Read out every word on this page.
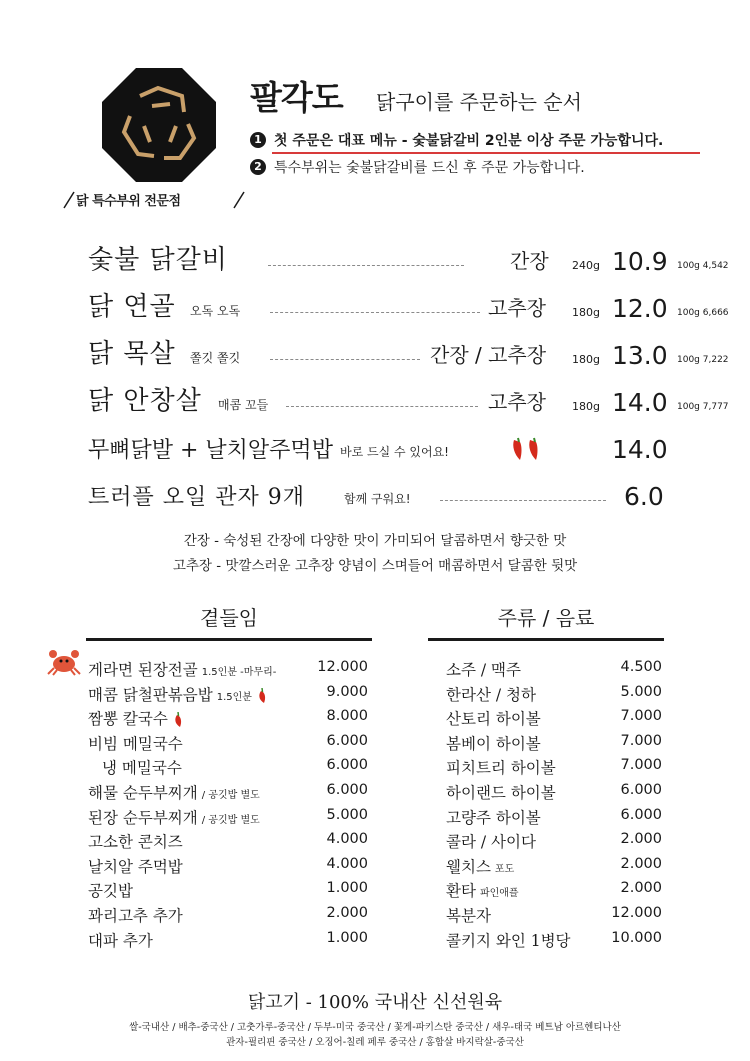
닭 특수부위 전문점
팔각도 닭구이를 주문하는 순서
1 첫 주문은 대표 메뉴 - 숯불닭갈비 2인분 이상 주문 가능합니다.
2 특수부위는 숯불닭갈비를 드신 후 주문 가능합니다.
숯불 닭갈비	간장 240g 10.9 100g 4,542
닭 연골 오독 오독	고추장 180g 12.0 100g 6,666
닭 목살 쫄깃 쫄깃	간장 / 고추장 180g 13.0 100g 7,222
닭 안창살 매콤 꼬들	고추장 180g 14.0 100g 7,777
무뼈닭발 + 날치알주먹밥 바로 드실 수 있어요!	14.0
트러플 오일 관자 9개	함께 구워요!	6.0
간장 - 숙성된 간장에 다양한 맛이 가미되어 달콤하면서 향긋한 맛
고추장 - 맛깔스러운 고추장 양념이 스며들어 매콤하면서 달콤한 뒷맛
곁들임
게라면 된장전골 1.5인분 -마무리-	12.000
매콤 닭철판볶음밥 1.5인분	9.000
짬뽕 칼국수	8.000
비빔 메밀국수	6.000
냉 메밀국수	6.000
해물 순두부찌개 / 공깃밥 별도	6.000
된장 순두부찌개 / 공깃밥 별도	5.000
고소한 콘치즈	4.000
날치알 주먹밥	4.000
공깃밥	1.000
꽈리고추 추가	2.000
대파 추가	1.000
주류 / 음료
소주 / 맥주	4.500
한라산 / 청하	5.000
산토리 하이볼	7.000
봄베이 하이볼	7.000
피치트리 하이볼	7.000
하이랜드 하이볼	6.000
고량주 하이볼	6.000
콜라 / 사이다	2.000
웰치스 포도	2.000
환타 파인애플	2.000
복분자	12.000
콜키지 와인 1병당	10.000
닭고기 - 100% 국내산 신선원육
쌀-국내산 / 배추-중국산 / 고춧가루-중국산 / 두부-미국 중국산 / 꽃게-파키스탄 중국산 / 새우-태국 베트남 아르헨티나산
관자-필리핀 중국산 / 오징어-칠레 페루 중국산 / 홍합살 바지락살-중국산
